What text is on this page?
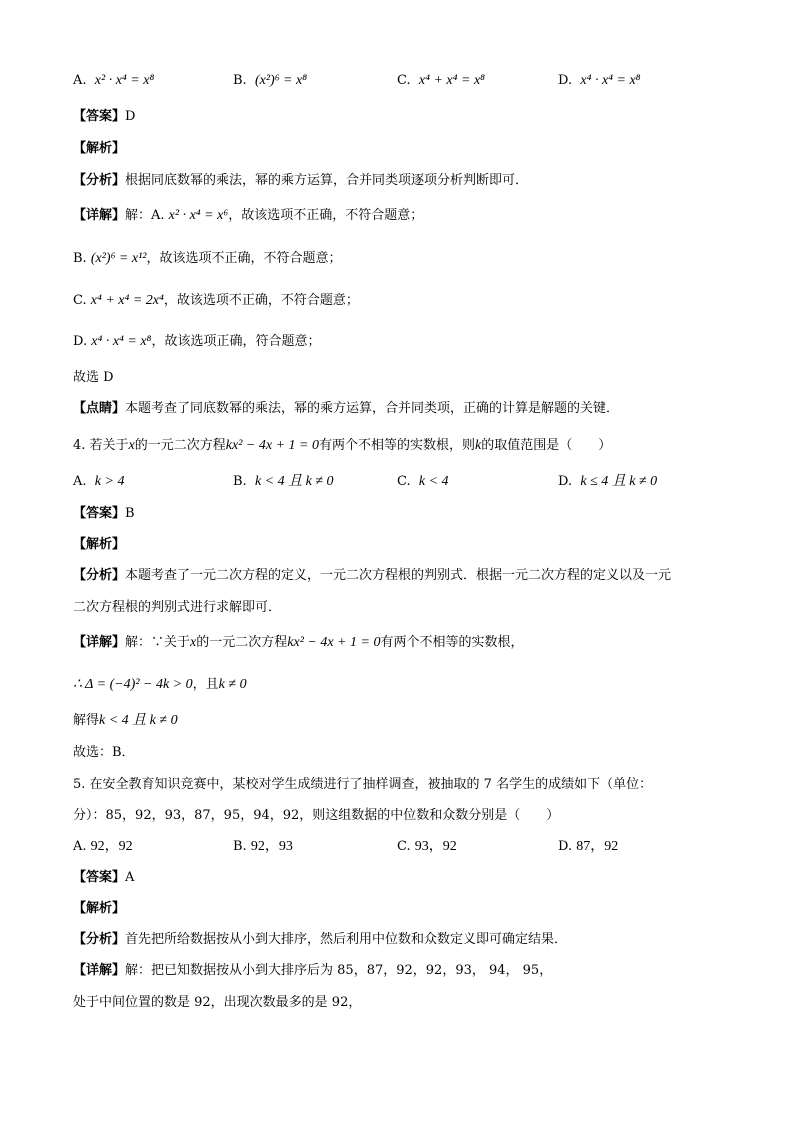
A. x² · x⁴ = x⁸	B. (x²)⁶ = x⁸	C. x⁴ + x⁴ = x⁸	D. x⁴ · x⁴ = x⁸
【答案】D
【解析】
【分析】根据同底数幂的乘法，幂的乘方运算，合并同类项逐项分析判断即可．
【详解】解：A. x² · x⁴ = x⁶，故该选项不正确，不符合题意；
B. (x²)⁶ = x¹²，故该选项不正确，不符合题意；
C. x⁴ + x⁴ = 2x⁴，故该选项不正确，不符合题意；
D. x⁴ · x⁴ = x⁸，故该选项正确，符合题意；
故选 D
【点睛】本题考查了同底数幂的乘法，幂的乘方运算，合并同类项，正确的计算是解题的关键．
4. 若关于x的一元二次方程kx² − 4x + 1 = 0有两个不相等的实数根，则k的取值范围是（　　）
A. k > 4	B. k < 4 且 k ≠ 0	C. k < 4	D. k ≤ 4 且 k ≠ 0
【答案】B
【解析】
【分析】本题考查了一元二次方程的定义，一元二次方程根的判别式．根据一元二次方程的定义以及一元
二次方程根的判别式进行求解即可．
【详解】解：∵关于x的一元二次方程kx² − 4x + 1 = 0有两个不相等的实数根，
∴ Δ = (−4)² − 4k > 0，且k ≠ 0
解得k < 4 且 k ≠ 0
故选：B．
5. 在安全教育知识竞赛中，某校对学生成绩进行了抽样调查，被抽取的 7 名学生的成绩如下（单位：
分）：85，92，93，87，95，94，92，则这组数据的中位数和众数分别是（　　）
A. 92，92	B. 92，93	C. 93，92	D. 87，92
【答案】A
【解析】
【分析】首先把所给数据按从小到大排序，然后利用中位数和众数定义即可确定结果．
【详解】解：把已知数据按从小到大排序后为 85，87，92，92，93， 94， 95，
处于中间位置的数是 92，出现次数最多的是 92，
